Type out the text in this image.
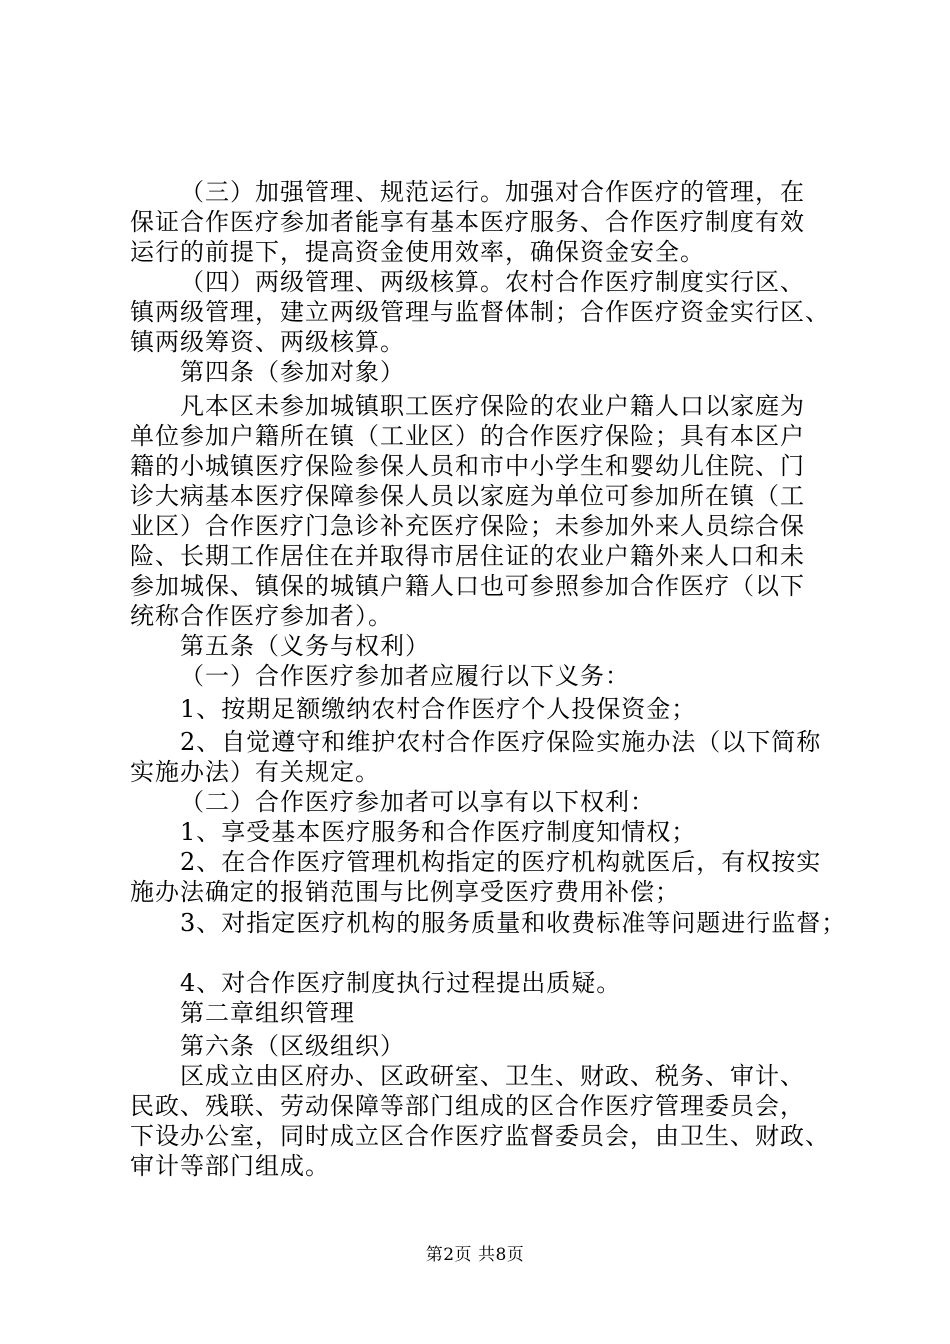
（三）加强管理、规范运行。加强对合作医疗的管理，在
保证合作医疗参加者能享有基本医疗服务、合作医疗制度有效
运行的前提下，提高资金使用效率，确保资金安全。
（四）两级管理、两级核算。农村合作医疗制度实行区、
镇两级管理，建立两级管理与监督体制；合作医疗资金实行区、
镇两级筹资、两级核算。
第四条（参加对象）
凡本区未参加城镇职工医疗保险的农业户籍人口以家庭为
单位参加户籍所在镇（工业区）的合作医疗保险；具有本区户
籍的小城镇医疗保险参保人员和市中小学生和婴幼儿住院、门
诊大病基本医疗保障参保人员以家庭为单位可参加所在镇（工
业区）合作医疗门急诊补充医疗保险；未参加外来人员综合保
险、长期工作居住在并取得市居住证的农业户籍外来人口和未
参加城保、镇保的城镇户籍人口也可参照参加合作医疗（以下
统称合作医疗参加者）。
第五条（义务与权利）
（一）合作医疗参加者应履行以下义务：
1、按期足额缴纳农村合作医疗个人投保资金；
2、自觉遵守和维护农村合作医疗保险实施办法（以下简称
实施办法）有关规定。
（二）合作医疗参加者可以享有以下权利：
1、享受基本医疗服务和合作医疗制度知情权；
2、在合作医疗管理机构指定的医疗机构就医后，有权按实
施办法确定的报销范围与比例享受医疗费用补偿；
3、对指定医疗机构的服务质量和收费标准等问题进行监督；
4、对合作医疗制度执行过程提出质疑。
第二章组织管理
第六条（区级组织）
区成立由区府办、区政研室、卫生、财政、税务、审计、
民政、残联、劳动保障等部门组成的区合作医疗管理委员会，
下设办公室，同时成立区合作医疗监督委员会，由卫生、财政、
审计等部门组成。
第2页 共8页
